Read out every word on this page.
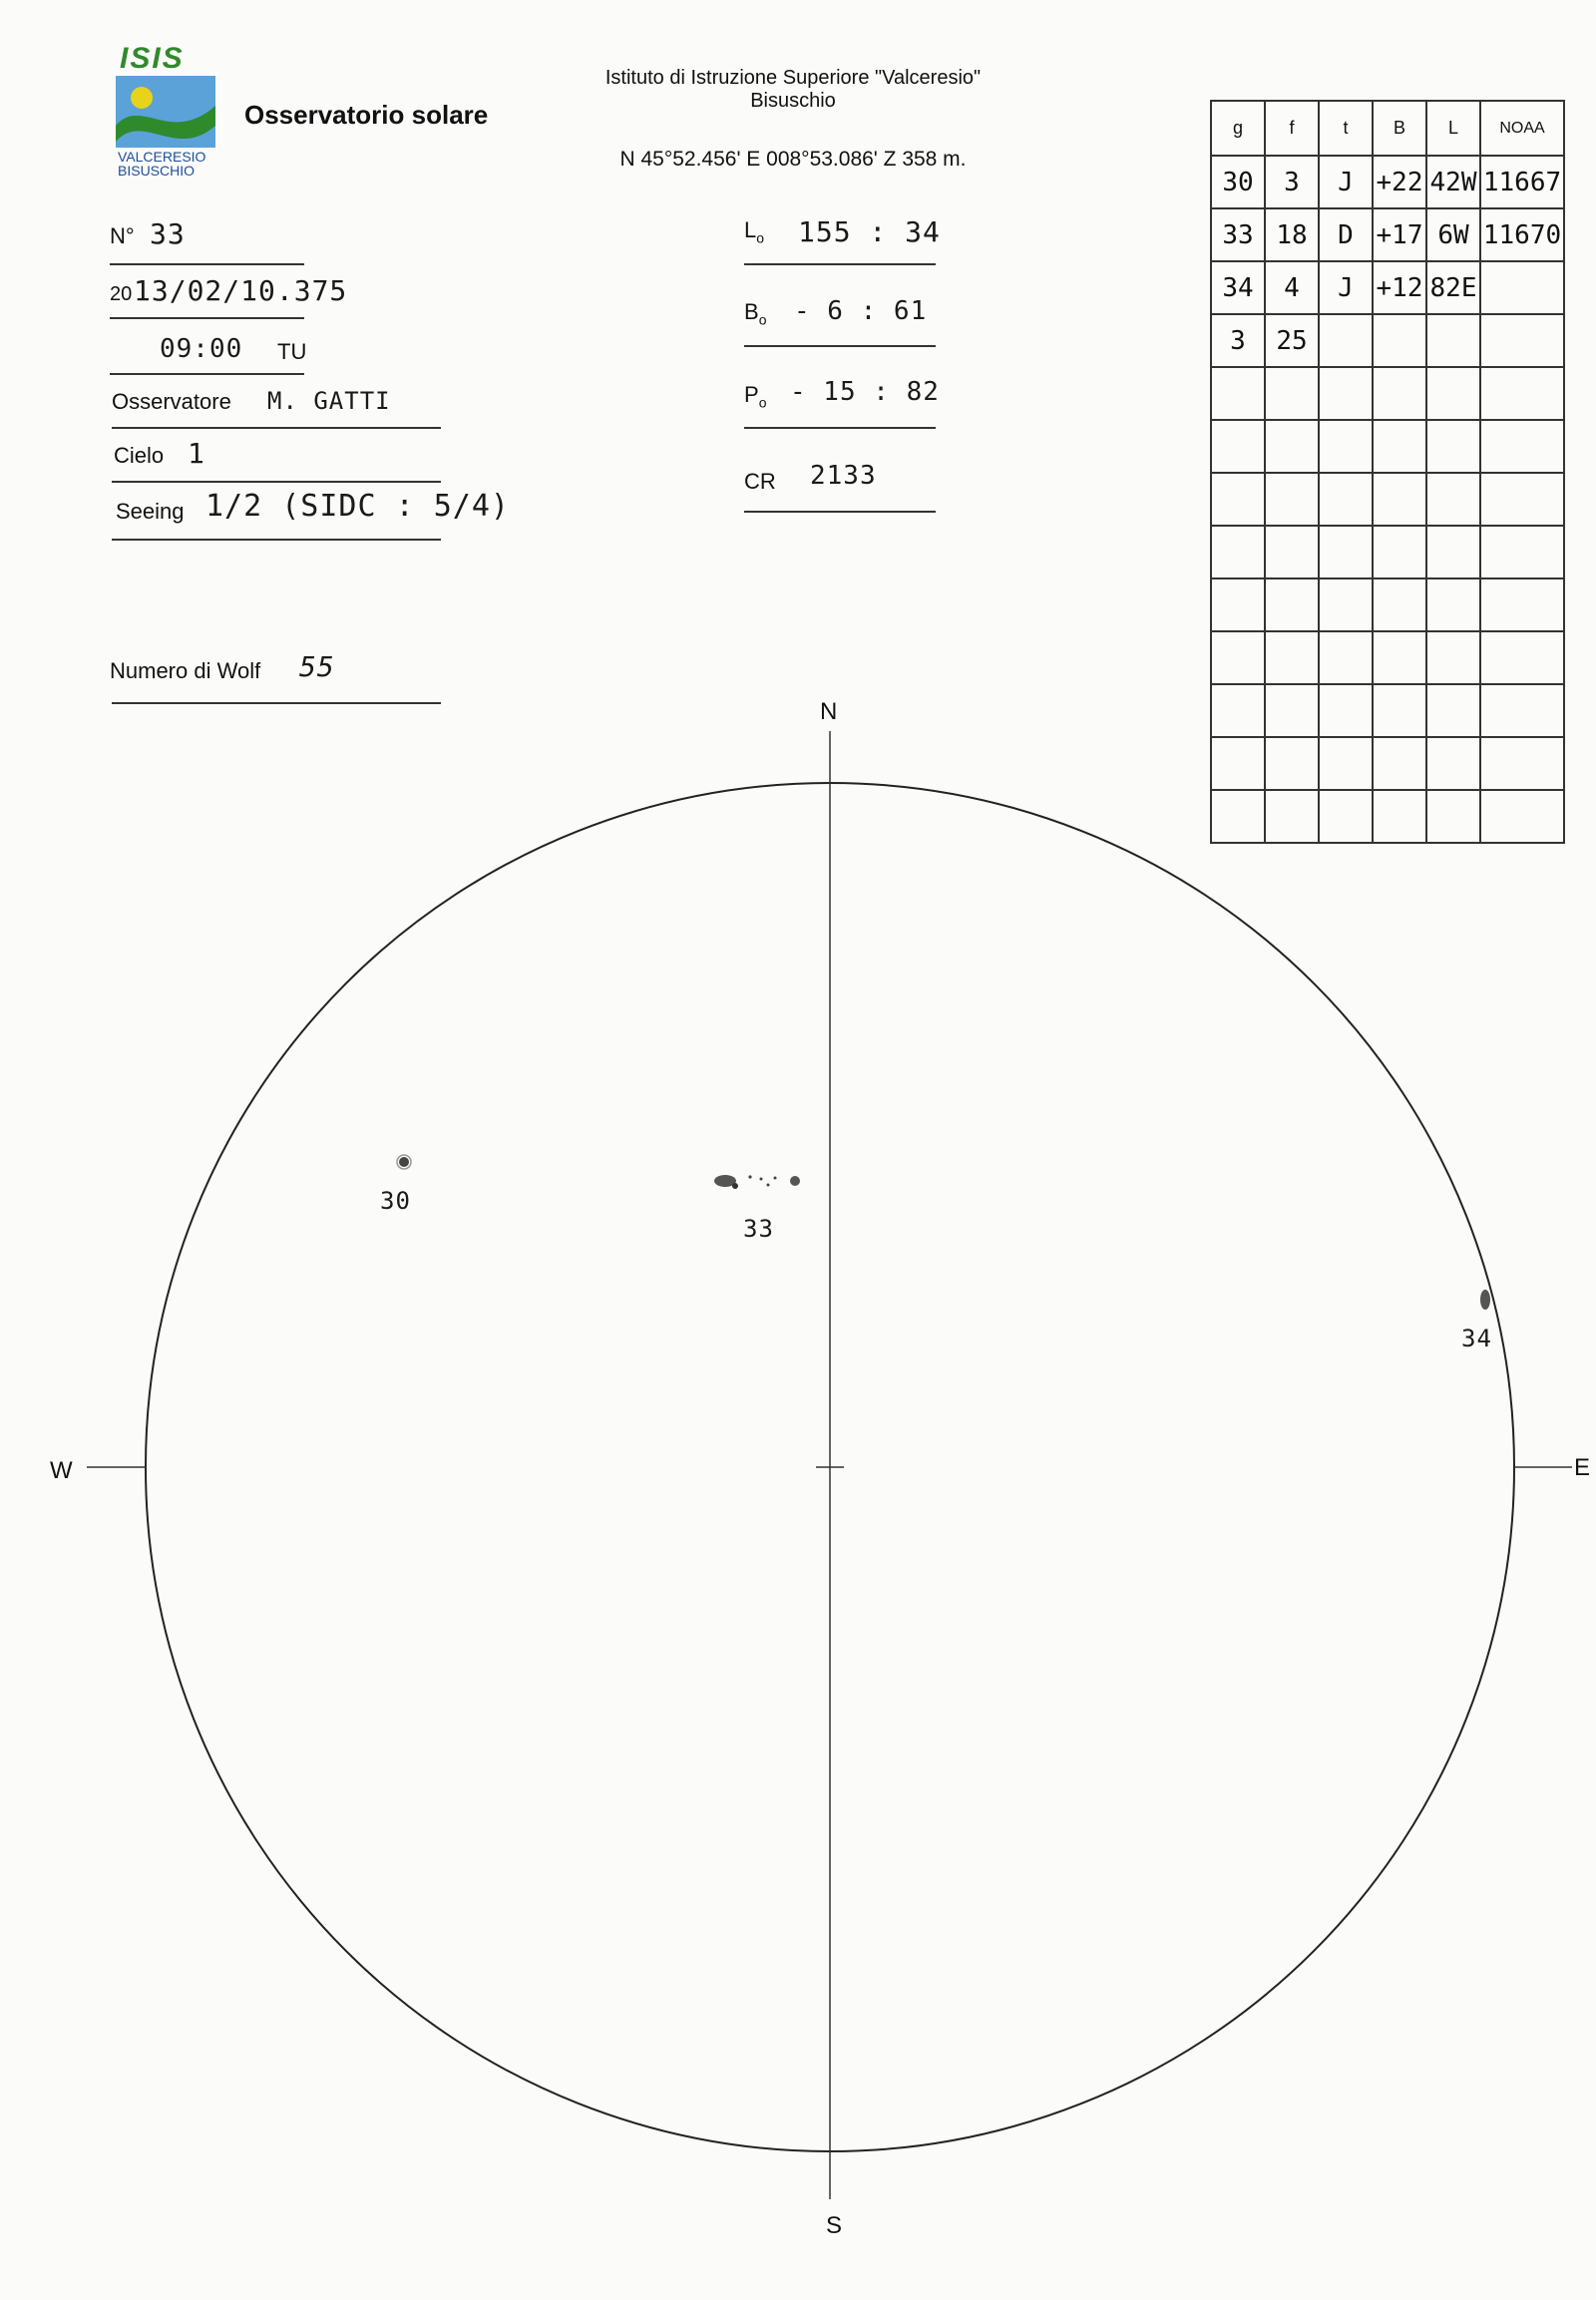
ISIS
VALCERESIO
BISUSCHIO
Osservatorio solare
Istituto di Istruzione Superiore "Valceresio"
Bisuschio
N 45°52.456' E 008°53.086' Z 358 m.
N° 33
20 13/02/10.375
09:00 TU
Osservatore M. GATTI
Cielo 1
Seeing 1/2 (SIDC : 5/4)
Numero di Wolf 55
$L_o$ 155 : 34
$B_o - 6$ : 61
$P_o - 15$ : 82
CR 2133
g	f	t	B	L	NOAA
30	3	J	+22	42W	11667
33	18	D	+17	6W	11670
34	4	J	+12	82E	
3	25				

30
33
34
N
S
W	E
